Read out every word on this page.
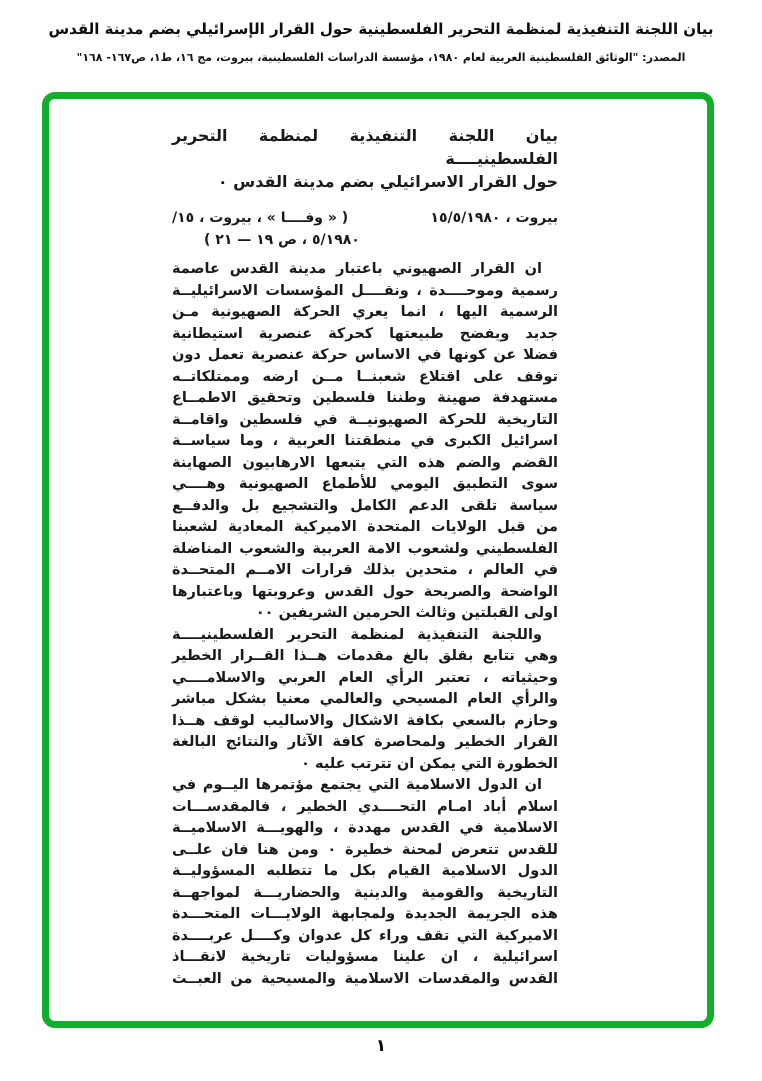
بيان اللجنة التنفيذية لمنظمة التحرير الفلسطينية حول القرار الإسرائيلي بضم مدينة القدس
المصدر: "الوثائق الفلسطينية العربية لعام ١٩٨٠، مؤسسة الدراسات الفلسطينية، بيروت، مج ١٦، ط١، ص١٦٧- ١٦٨"
بيان اللجنة التنفيذية لمنظمة التحرير الفلسطينيــــة
حول القرار الاسرائيلي بضم مدينة القدس ٠
بيروت ، ١٥/٥/١٩٨٠
( « وفــــا » ، بيروت ، ١٥/
٥/١٩٨٠ ، ص ١٩ — ٢١ )
ان القرار الصهيوني باعتبار مدينة القدس عاصمة
رسمية وموحــــدة ، ونقــــل المؤسسات الاسرائيليــة
الرسمية اليها ، انما يعري الحركة الصهيونية مـن
جديد ويفضح طبيعتها كحركة عنصرية استيطانية
فضلا عن كونها في الاساس حركة عنصرية تعمل دون
توقف على اقتلاع شعبنــا مــن ارضه وممتلكاتــه
مستهدفة صهينة وطننا فلسطين وتحقيق الاطمــاع
التاريخية للحركة الصهيونيــة في فلسطين واقامــة
اسرائيل الكبرى في منطقتنا العربية ، وما سياســة
القضم والضم هذه التي يتبعها الارهابيون الصهاينة
سوى التطبيق اليومي للأطماع الصهيونية وهــــي
سياسة تلقى الدعم الكامل والتشجيع بل والدفــع
من قبل الولايات المتحدة الاميركية المعادية لشعبنا
الفلسطيني ولشعوب الامة العربية والشعوب المناضلة
في العالم ، متحدين بذلك قرارات الامــم المتحــدة
الواضحة والصريحة حول القدس وعروبتها وباعتبارها
اولى القبلتين وثالث الحرمين الشريفين ٠٠
واللجنة التنفيذية لمنظمة التحرير الفلسطينيــــة
وهي تتابع بقلق بالغ مقدمات هــذا القــرار الخطير
وحيثياته ، تعتبر الرأي العام العربي والاسلامــــي
والرأي العام المسيحي والعالمي معنيا بشكل مباشر
وحازم بالسعي بكافة الاشكال والاساليب لوقف هــذا
القرار الخطير ولمحاصرة كافة الآثار والنتائج البالغة
الخطورة التي يمكن ان تترتب عليه ٠
ان الدول الاسلامية التي يجتمع مؤتمرها اليــوم في
اسلام أباد امـام التحــــدي الخطير ، فالمقدســـات
الاسلامية في القدس مهددة ، والهويـــة الاسلاميــة
للقدس تتعرض لمحنة خطيرة ٠ ومن هنا فان علــى
الدول الاسلامية القيام بكل ما تتطلبه المسؤوليــة
التاريخية والقومية والدينية والحضاريـــة لمواجهــة
هذه الجريمة الجديدة ولمجابهة الولايـــات المتحـــدة
الاميركية التي تقف وراء كل عدوان وكــــل عربــــدة
اسرائيلية ، ان علينا مسؤوليات تاريخية لانقـــاذ
القدس والمقدسات الاسلامية والمسيحية من العبــث
١
